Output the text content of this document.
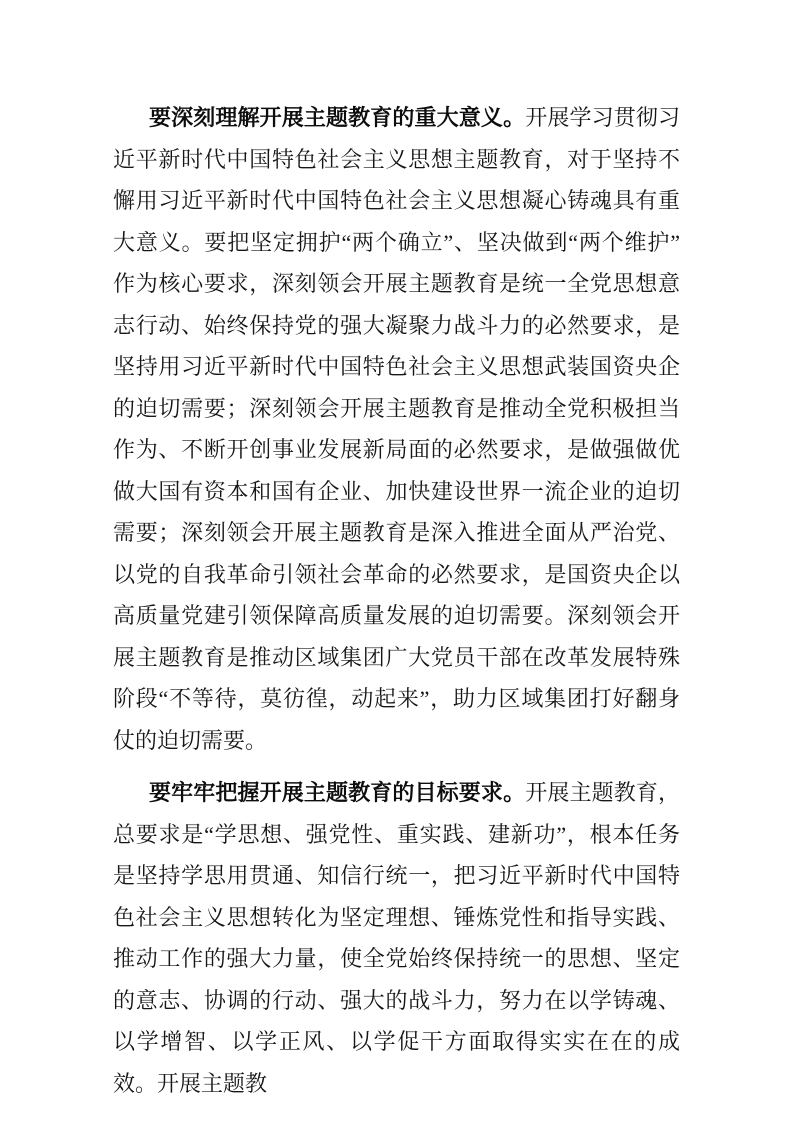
要深刻理解开展主题教育的重大意义。开展学习贯彻习近平新时代中国特色社会主义思想主题教育，对于坚持不懈用习近平新时代中国特色社会主义思想凝心铸魂具有重大意义。要把坚定拥护“两个确立”、坚决做到“两个维护”作为核心要求，深刻领会开展主题教育是统一全党思想意志行动、始终保持党的强大凝聚力战斗力的必然要求，是坚持用习近平新时代中国特色社会主义思想武装国资央企的迫切需要；深刻领会开展主题教育是推动全党积极担当作为、不断开创事业发展新局面的必然要求，是做强做优做大国有资本和国有企业、加快建设世界一流企业的迫切需要；深刻领会开展主题教育是深入推进全面从严治党、以党的自我革命引领社会革命的必然要求，是国资央企以高质量党建引领保障高质量发展的迫切需要。深刻领会开展主题教育是推动区域集团广大党员干部在改革发展特殊阶段“不等待，莫彷徨，动起来”，助力区域集团打好翻身仗的迫切需要。

要牢牢把握开展主题教育的目标要求。开展主题教育，总要求是“学思想、强党性、重实践、建新功”，根本任务是坚持学思用贯通、知信行统一，把习近平新时代中国特色社会主义思想转化为坚定理想、锤炼党性和指导实践、推动工作的强大力量，使全党始终保持统一的思想、坚定的意志、协调的行动、强大的战斗力，努力在以学铸魂、以学增智、以学正风、以学促干方面取得实实在在的成效。开展主题教
